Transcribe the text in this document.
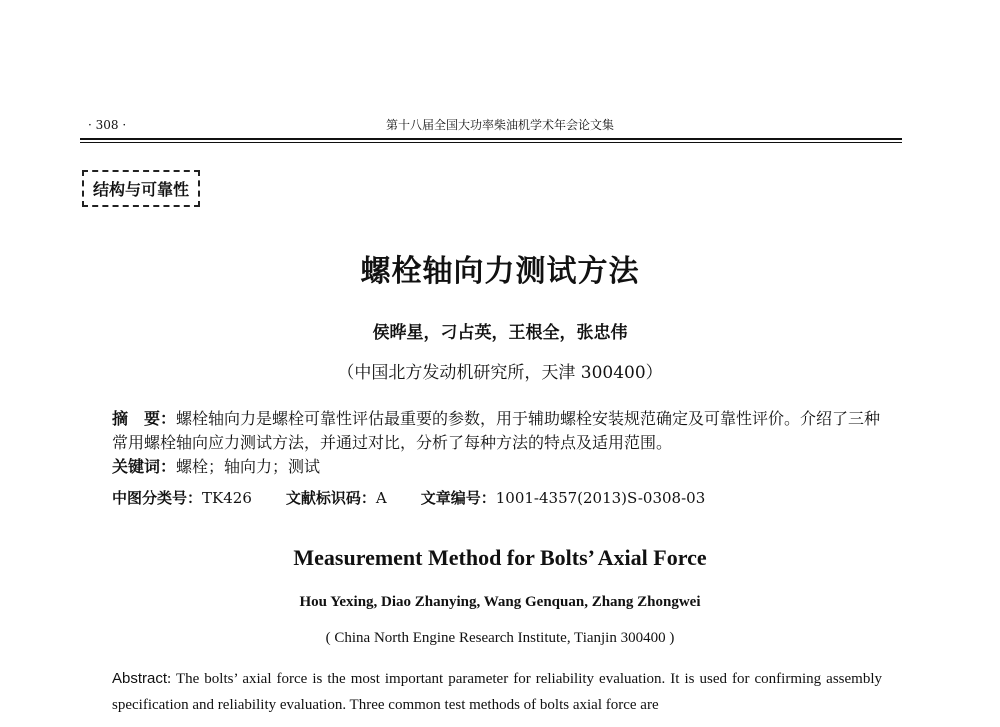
· 308 ·	第十八届全国大功率柴油机学术年会论文集
结构与可靠性
螺栓轴向力测试方法
侯晔星，刁占英，王根全，张忠伟
（中国北方发动机研究所，天津 300400）
摘　要：螺栓轴向力是螺栓可靠性评估最重要的参数，用于辅助螺栓安装规范确定及可靠性评价。介绍了三种常用螺栓轴向应力测试方法，并通过对比，分析了每种方法的特点及适用范围。
关键词：螺栓；轴向力；测试
中图分类号：TK426 文献标识码：A 文章编号：1001-4357(2013)S-0308-03
Measurement Method for Bolts’ Axial Force
Hou Yexing, Diao Zhanying, Wang Genquan, Zhang Zhongwei
( China North Engine Research Institute, Tianjin 300400 )
Abstract: The bolts’ axial force is the most important parameter for reliability evaluation. It is used for confirming assembly specification and reliability evaluation. Three common test methods of bolts axial force are
